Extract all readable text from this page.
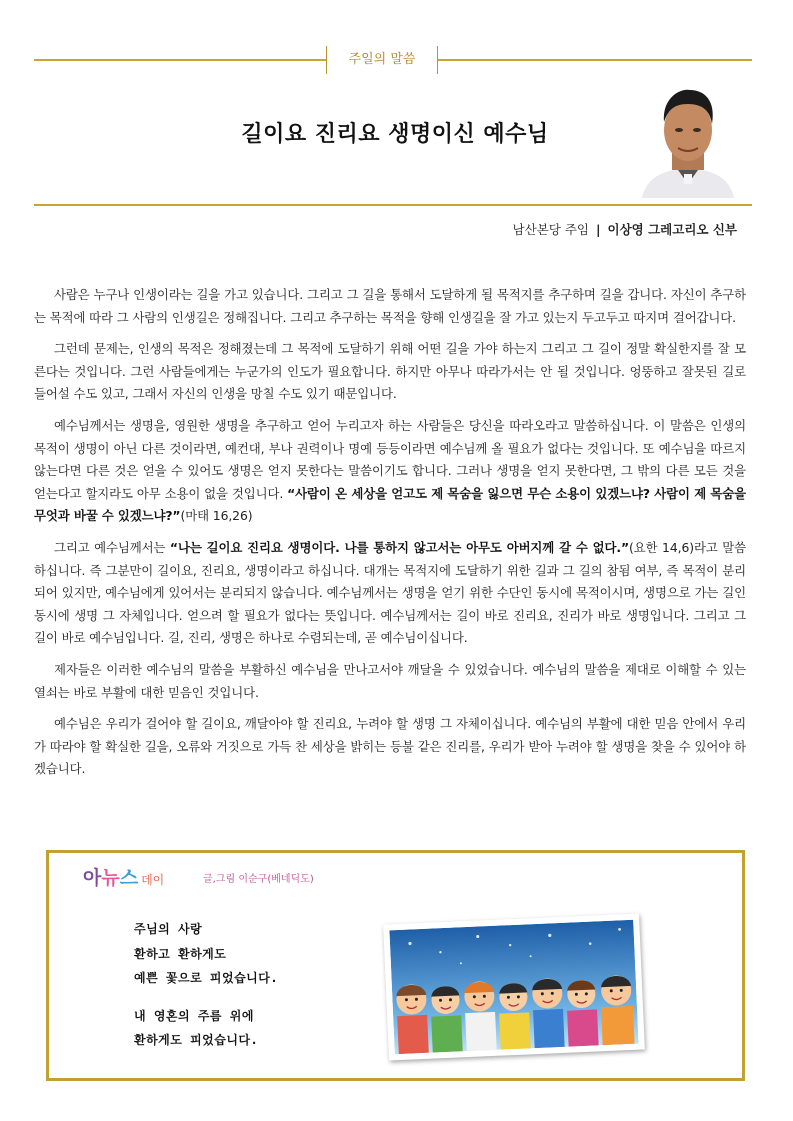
주일의 말씀
길이요 진리요 생명이신 예수님
남산본당 주임 | 이상영 그레고리오 신부

사람은 누구나 인생이라는 길을 가고 있습니다. 그리고 그 길을 통해서 도달하게 될 목적지를 추구하며 길을 갑니다. 자신이 추구하는 목적에 따라 그 사람의 인생길은 정해집니다. 그리고 추구하는 목적을 향해 인생길을 잘 가고 있는지 두고두고 따지며 걸어갑니다.

그런데 문제는, 인생의 목적은 정해졌는데 그 목적에 도달하기 위해 어떤 길을 가야 하는지 그리고 그 길이 정말 확실한지를 잘 모른다는 것입니다. 그런 사람들에게는 누군가의 인도가 필요합니다. 하지만 아무나 따라가서는 안 될 것입니다. 엉뚱하고 잘못된 길로 들어설 수도 있고, 그래서 자신의 인생을 망칠 수도 있기 때문입니다.

예수님께서는 생명을, 영원한 생명을 추구하고 얻어 누리고자 하는 사람들은 당신을 따라오라고 말씀하십니다. 이 말씀은 인생의 목적이 생명이 아닌 다른 것이라면, 예컨대, 부나 권력이나 명예 등등이라면 예수님께 올 필요가 없다는 것입니다. 또 예수님을 따르지 않는다면 다른 것은 얻을 수 있어도 생명은 얻지 못한다는 말씀이기도 합니다. 그러나 생명을 얻지 못한다면, 그 밖의 다른 모든 것을 얻는다고 할지라도 아무 소용이 없을 것입니다. “사람이 온 세상을 얻고도 제 목숨을 잃으면 무슨 소용이 있겠느냐? 사람이 제 목숨을 무엇과 바꿀 수 있겠느냐?”(마태 16,26)

그리고 예수님께서는 “나는 길이요 진리요 생명이다. 나를 통하지 않고서는 아무도 아버지께 갈 수 없다.”(요한 14,6)라고 말씀하십니다. 즉 그분만이 길이요, 진리요, 생명이라고 하십니다. 대개는 목적지에 도달하기 위한 길과 그 길의 참됨 여부, 즉 목적이 분리되어 있지만, 예수님에게 있어서는 분리되지 않습니다. 예수님께서는 생명을 얻기 위한 수단인 동시에 목적이시며, 생명으로 가는 길인 동시에 생명 그 자체입니다. 얻으려 할 필요가 없다는 뜻입니다. 예수님께서는 길이 바로 진리요, 진리가 바로 생명입니다. 그리고 그 길이 바로 예수님입니다. 길, 진리, 생명은 하나로 수렴되는데, 곧 예수님이십니다.

제자들은 이러한 예수님의 말씀을 부활하신 예수님을 만나고서야 깨달을 수 있었습니다. 예수님의 말씀을 제대로 이해할 수 있는 열쇠는 바로 부활에 대한 믿음인 것입니다.

예수님은 우리가 걸어야 할 길이요, 깨달아야 할 진리요, 누려야 할 생명 그 자체이십니다. 예수님의 부활에 대한 믿음 안에서 우리가 따라야 할 확실한 길을, 오류와 거짓으로 가득 찬 세상을 밝히는 등불 같은 진리를, 우리가 받아 누려야 할 생명을 찾을 수 있어야 하겠습니다.

아뉴스 데이	글,그림 이순구(베네딕도)
주님의 사랑
환하고 환하게도
예쁜 꽃으로 피었습니다.
내 영혼의 주름 위에
환하게도 피었습니다.
